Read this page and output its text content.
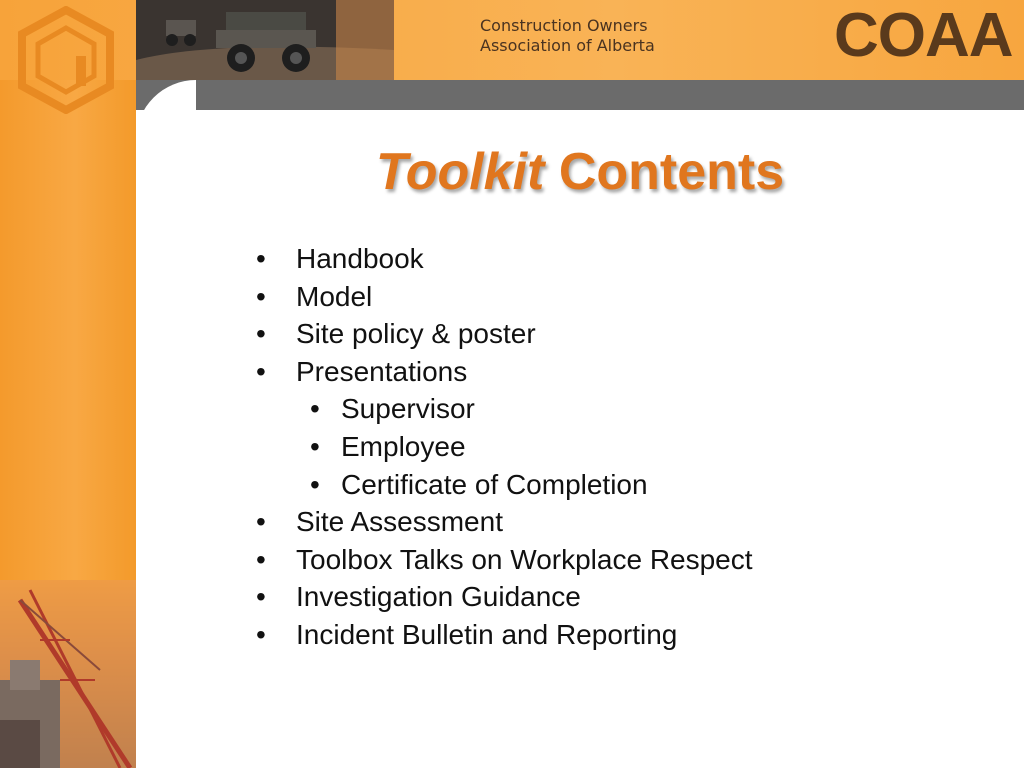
Construction Owners
Association of Alberta	COAA
Toolkit Contents
• Handbook
• Model
• Site policy & poster
• Presentations
• Supervisor
• Employee
• Certificate of Completion
• Site Assessment
• Toolbox Talks on Workplace Respect
• Investigation Guidance
• Incident Bulletin and Reporting
